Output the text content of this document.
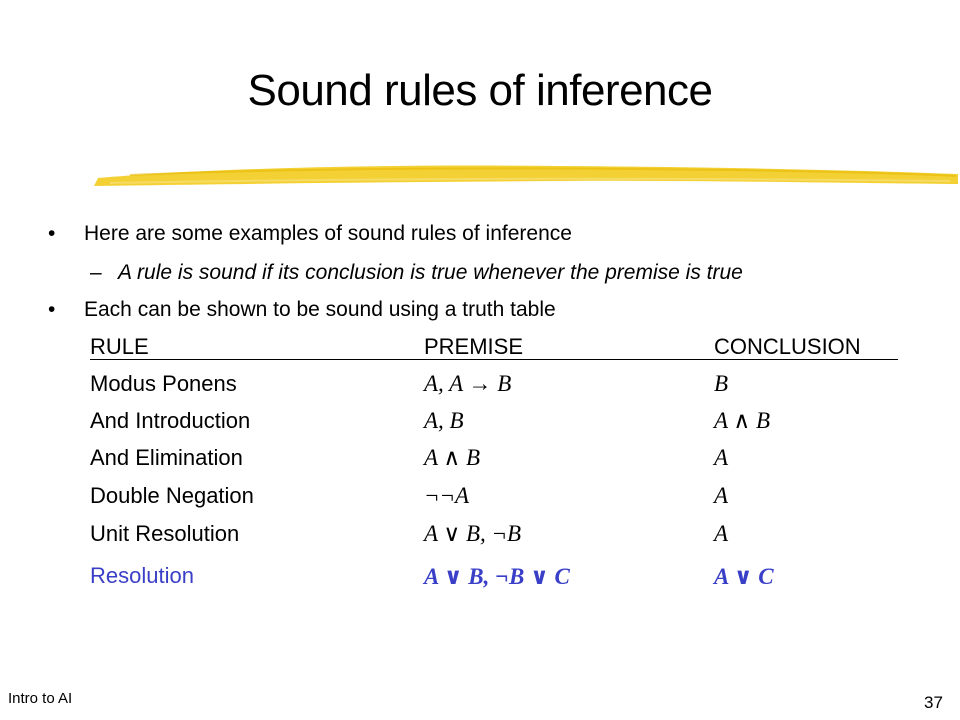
Sound rules of inference
• Here are some examples of sound rules of inference
– A rule is sound if its conclusion is true whenever the premise is true
• Each can be shown to be sound using a truth table
RULE	PREMISE	CONCLUSION
Modus Ponens	A, A → B	B
And Introduction	A, B	A ∧ B
And Elimination	A ∧ B	A
Double Negation	¬¬A	A
Unit Resolution	A ∨ B, ¬B	A
Resolution	A ∨ B, ¬B ∨ C	A ∨ C
Intro to AI	37
